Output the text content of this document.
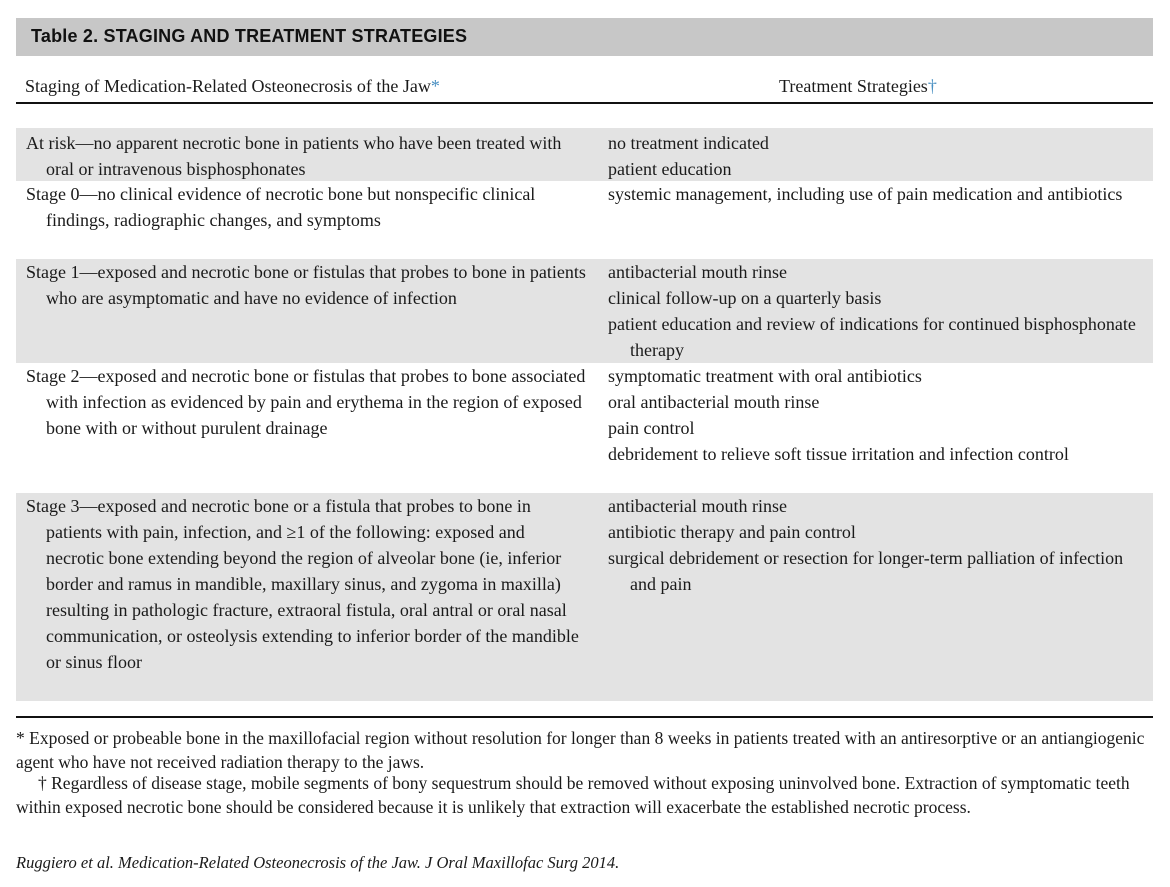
Table 2. STAGING AND TREATMENT STRATEGIES
Staging of Medication-Related Osteonecrosis of the Jaw*	Treatment Strategies†

At risk—no apparent necrotic bone in patients who have been treated with oral or intravenous bisphosphonates

no treatment indicated

patient education

Stage 0—no clinical evidence of necrotic bone but nonspecific clinical findings, radiographic changes, and symptoms

systemic management, including use of pain medication and antibiotics

Stage 1—exposed and necrotic bone or fistulas that probes to bone in patients who are asymptomatic and have no evidence of infection

antibacterial mouth rinse

clinical follow-up on a quarterly basis

patient education and review of indications for continued bisphosphonate therapy

Stage 2—exposed and necrotic bone or fistulas that probes to bone associated with infection as evidenced by pain and erythema in the region of exposed bone with or without purulent drainage

symptomatic treatment with oral antibiotics

oral antibacterial mouth rinse

pain control

debridement to relieve soft tissue irritation and infection control

Stage 3—exposed and necrotic bone or a fistula that probes to bone in patients with pain, infection, and ≥1 of the following: exposed and necrotic bone extending beyond the region of alveolar bone (ie, inferior border and ramus in mandible, maxillary sinus, and zygoma in maxilla) resulting in pathologic fracture, extraoral fistula, oral antral or oral nasal communication, or osteolysis extending to inferior border of the mandible or sinus floor

antibacterial mouth rinse

antibiotic therapy and pain control

surgical debridement or resection for longer-term palliation of infection and pain

* Exposed or probeable bone in the maxillofacial region without resolution for longer than 8 weeks in patients treated with an antiresorptive or an antiangiogenic agent who have not received radiation therapy to the jaws.
† Regardless of disease stage, mobile segments of bony sequestrum should be removed without exposing uninvolved bone. Extraction of symptomatic teeth within exposed necrotic bone should be considered because it is unlikely that extraction will exacerbate the established necrotic process.
Ruggiero et al. Medication-Related Osteonecrosis of the Jaw. J Oral Maxillofac Surg 2014.
